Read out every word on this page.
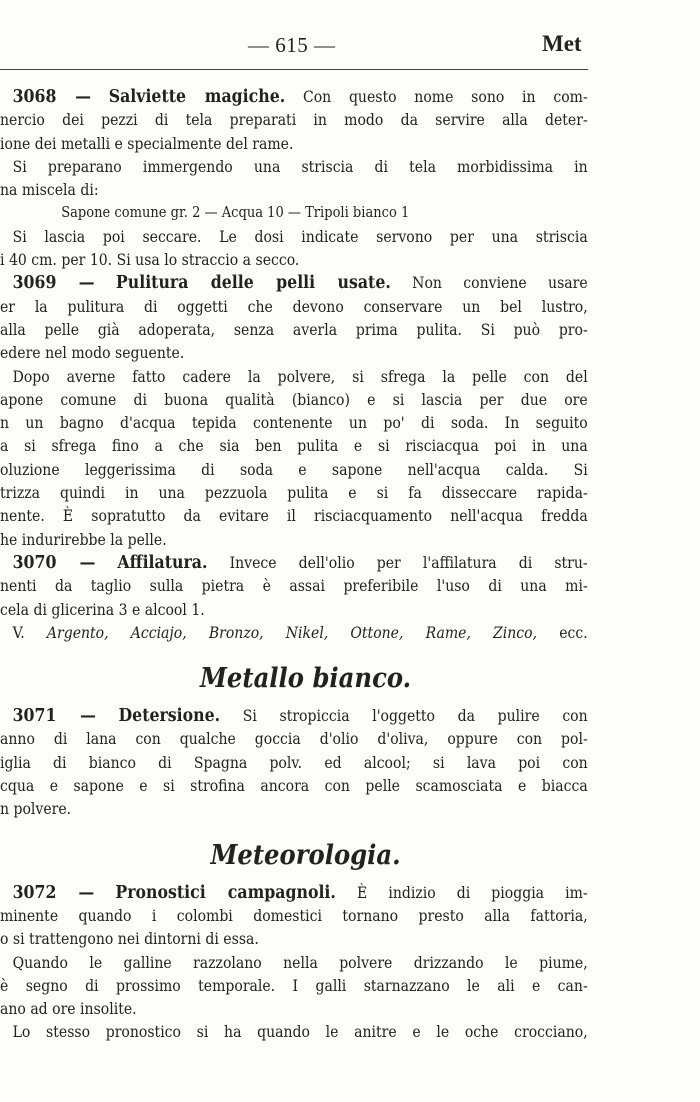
— 615 —	Met
3068 — Salviette magiche. Con questo nome sono in com-
nercio dei pezzi di tela preparati in modo da servire alla deter-
ione dei metalli e specialmente del rame.
Si preparano immergendo una striscia di tela morbidissima in
na miscela di:
Sapone comune gr. 2 — Acqua 10 — Tripoli bianco 1
Si lascia poi seccare. Le dosi indicate servono per una striscia
i 40 cm. per 10. Si usa lo straccio a secco.
3069 — Pulitura delle pelli usate. Non conviene usare
er la pulitura di oggetti che devono conservare un bel lustro,
alla pelle già adoperata, senza averla prima pulita. Si può pro-
edere nel modo seguente.
Dopo averne fatto cadere la polvere, si sfrega la pelle con del
apone comune di buona qualità (bianco) e si lascia per due ore
n un bagno d'acqua tepida contenente un po' di soda. In seguito
a si sfrega fino a che sia ben pulita e si risciacqua poi in una
oluzione leggerissima di soda e sapone nell'acqua calda. Si
trizza quindi in una pezzuola pulita e si fa disseccare rapida-
nente. È sopratutto da evitare il risciacquamento nell'acqua fredda
he indurirebbe la pelle.
3070 — Affilatura. Invece dell'olio per l'affilatura di stru-
nenti da taglio sulla pietra è assai preferibile l'uso di una mi-
cela di glicerina 3 e alcool 1.
V. Argento, Acciajo, Bronzo, Nikel, Ottone, Rame, Zinco, ecc.
Metallo bianco.
3071 — Detersione. Si stropiccia l'oggetto da pulire con
anno di lana con qualche goccia d'olio d'oliva, oppure con pol-
iglia di bianco di Spagna polv. ed alcool; si lava poi con
cqua e sapone e si strofina ancora con pelle scamosciata e biacca
n polvere.
Meteorologia.
3072 — Pronostici campagnoli. È indizio di pioggia im-
minente quando i colombi domestici tornano presto alla fattoria,
o si trattengono nei dintorni di essa.
Quando le galline razzolano nella polvere drizzando le piume,
è segno di prossimo temporale. I galli starnazzano le ali e can-
ano ad ore insolite.
Lo stesso pronostico si ha quando le anitre e le oche crocciano,
